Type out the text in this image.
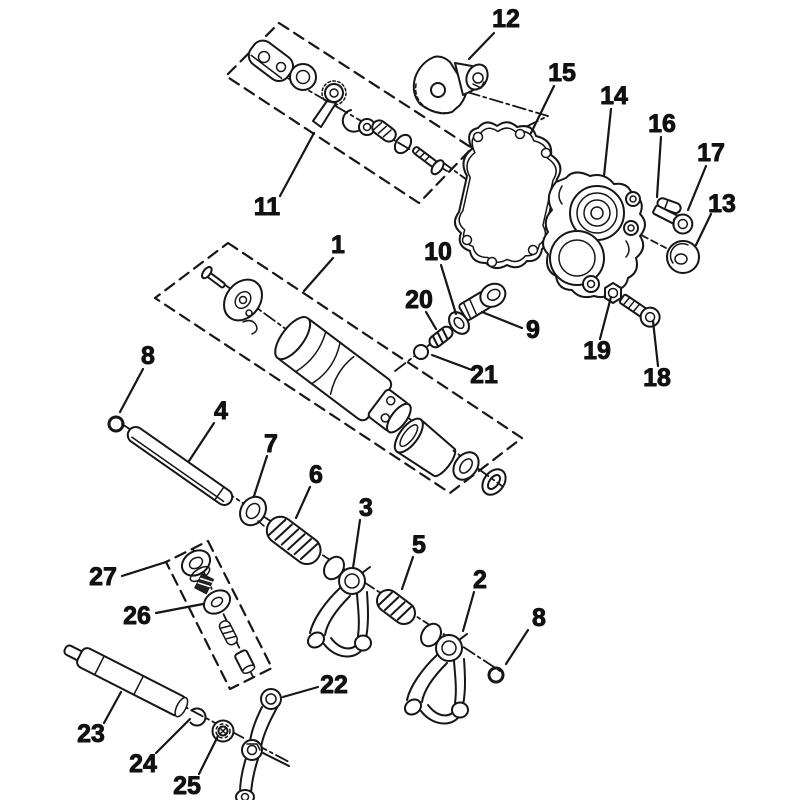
12
15
14
16
17
13
11
1	10
20
9
21
19
18
8
4
7
6
3
5
2
8
27
26
22
23
24
25
